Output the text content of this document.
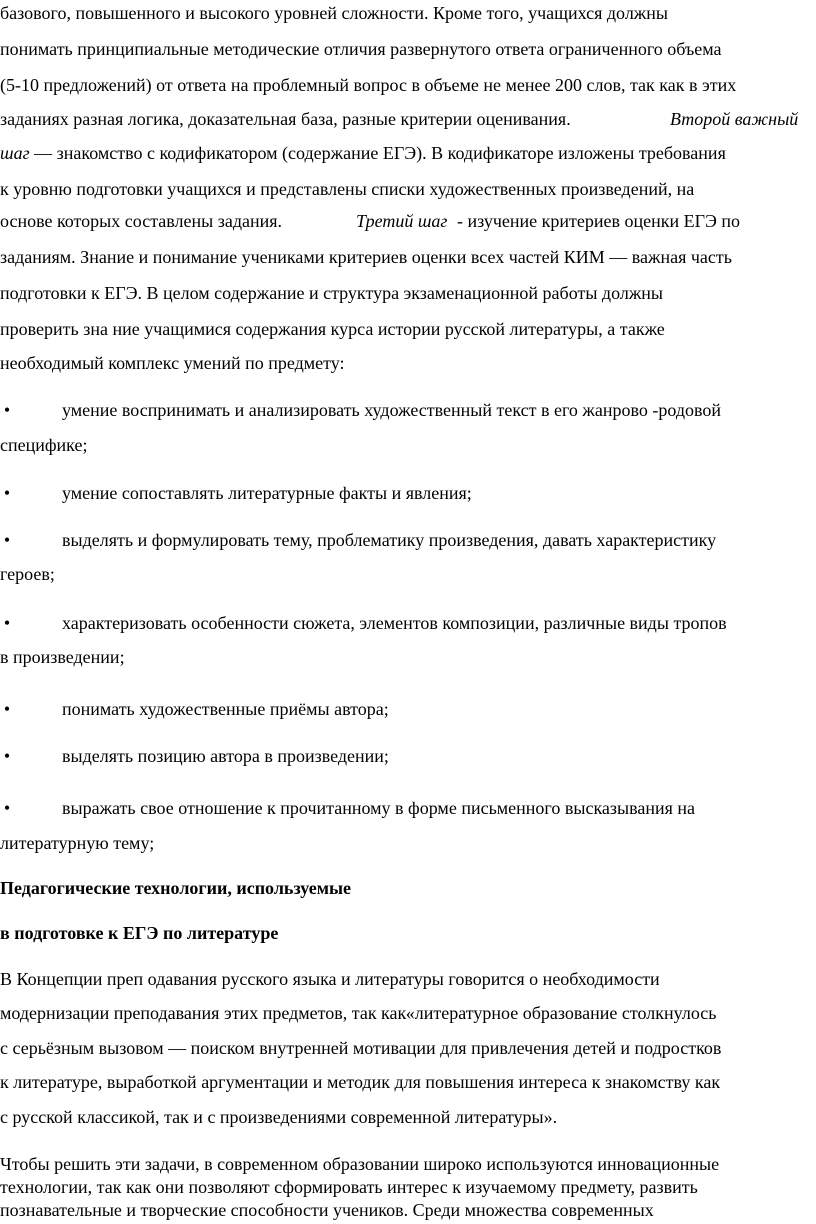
базового, повышенного и высокого уровней сложности. Кроме того, учащихся должны
понимать принципиальные методические отличия развернутого ответа ограниченного объема
(5-10 предложений) от ответа на проблемный вопрос в объеме не менее 200 слов, так как в этих
заданиях разная логика, доказательная база, разные критерии оценивания.	Второй важный
шаг — знакомство с кодификатором (содержание ЕГЭ). В кодификаторе изложены требования
к уровню подготовки учащихся и представлены списки художественных произведений, на
основе которых составлены задания.	Третий шаг - изучение критериев оценки ЕГЭ по
заданиям. Знание и понимание учениками критериев оценки всех частей КИМ — важная часть
подготовки к ЕГЭ. В целом содержание и структура экзаменационной работы должны
проверить зна ние учащимися содержания курса истории русской литературы, а также
необходимый комплекс умений по предмету:
•	умение воспринимать и анализировать художественный текст в его жанрово -родовой
специфике;
•	умение сопоставлять литературные факты и явления;
•	выделять и формулировать тему, проблематику произведения, давать характеристику
героев;
•	характеризовать особенности сюжета, элементов композиции, различные виды тропов
в произведении;
•	понимать художественные приёмы автора;
•	выделять позицию автора в произведении;
•	выражать свое отношение к прочитанному в форме письменного высказывания на
литературную тему;
Педагогические технологии, используемые
в подготовке к ЕГЭ по литературе
В Концепции преп одавания русского языка и литературы говорится о необходимости
модернизации преподавания этих предметов, так как«литературное образование столкнулось
с серьёзным вызовом — поиском внутренней мотивации для привлечения детей и подростков
к литературе, выработкой аргументации и методик для повышения интереса к знакомству как
с русской классикой, так и с произведениями современной литературы».
Чтобы решить эти задачи, в современном образовании широко используются инновационные
технологии, так как они позволяют сформировать интерес к изучаемому предмету, развить
познавательные и творческие способности учеников. Среди множества современных
